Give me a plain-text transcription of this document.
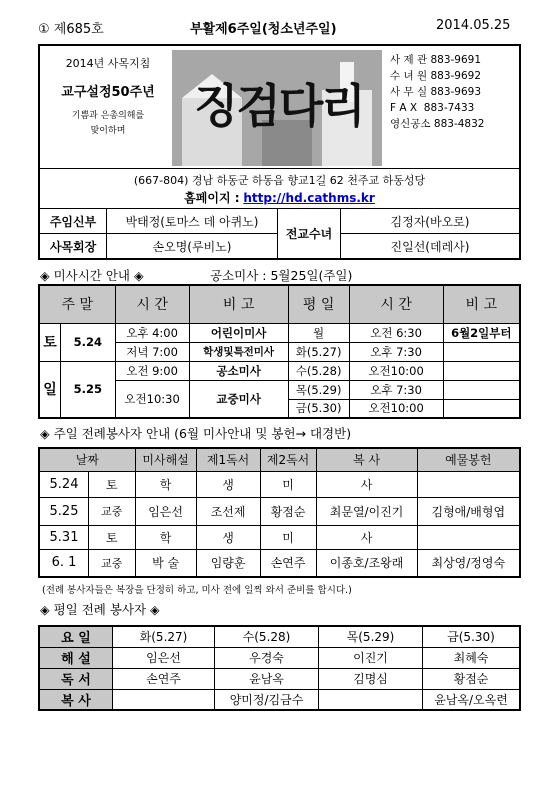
① 제685호	부활제6주일(청소년주일)	2014.05.25
2014년 사목지침
교구설정50주년
기쁨과 은총의해를
맞이하며	징검다리
사 제 관 883-9691
수 녀 원 883-9692
사 무 실 883-9693
F A X 883-7433
영신공소 883-4832
(667-804) 경남 하동군 하동읍 향교1길 62 천주교 하동성당
홈페이지 : http://hd.cathms.kr
주임신부	박태정(토마스 데 아퀴노)	전교수녀	김정자(바오로)
사목회장	손오명(루비노)		진일선(데레사)
◈ 미사시간 안내 ◈	공소미사 : 5월25일(주일)
주 말		시 간	비 고	평 일	시 간	비 고
토	5.24	오후 4:00	어린이미사	월	오전 6:30	6월2일부터
		저녁 7:00	학생및특전미사	화(5.27)	오후 7:30	
일	5.25	오전 9:00	공소미사	수(5.28)	오전10:00	
		오전10:30	교중미사	목(5.29)	오후 7:30	
				금(5.30)	오전10:00	
◈ 주일 전례봉사자 안내 (6월 미사안내 및 봉헌→ 대경반)
날짜		미사해설	제1독서	제2독서	복 사	예물봉헌
5.24	토	학	생	미	사	
5.25	교중	임은선	조선제	황점순	최문열/이진기	김형애/배형엽
5.31	토	학	생	미	사	
6. 1	교중	박 술	임량훈	손연주	이종호/조왕래	최상영/정영숙
(전례 봉사자들은 복장을 단정히 하고, 미사 전에 일찍 와서 준비를 합시다.)
◈ 평일 전례 봉사자 ◈
요 일	화(5.27)	수(5.28)	목(5.29)	금(5.30)
해 설	임은선	우경숙	이진기	최혜숙
독 서	손연주	윤남옥	김명심	황점순
복 사		양미정/김금수		윤남옥/오옥련
